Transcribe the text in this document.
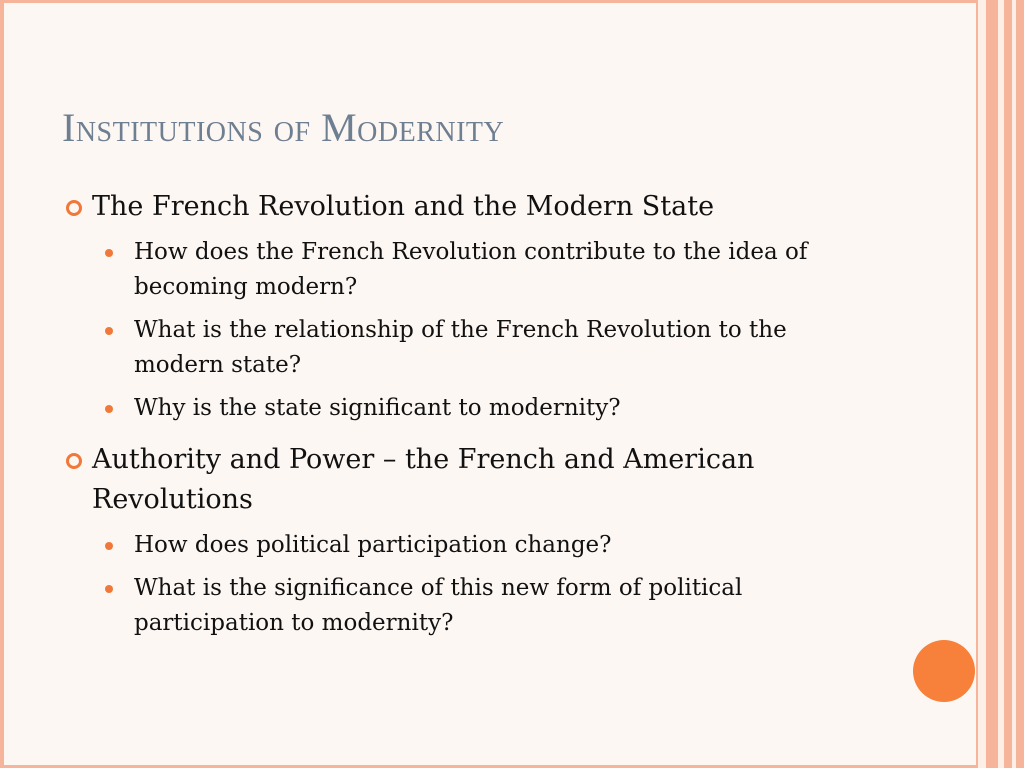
Institutions of Modernity
The French Revolution and the Modern State
How does the French Revolution contribute to the idea of becoming modern?
What is the relationship of the French Revolution to the modern state?
Why is the state significant to modernity?
Authority and Power – the French and American Revolutions
How does political participation change?
What is the significance of this new form of political participation to modernity?
